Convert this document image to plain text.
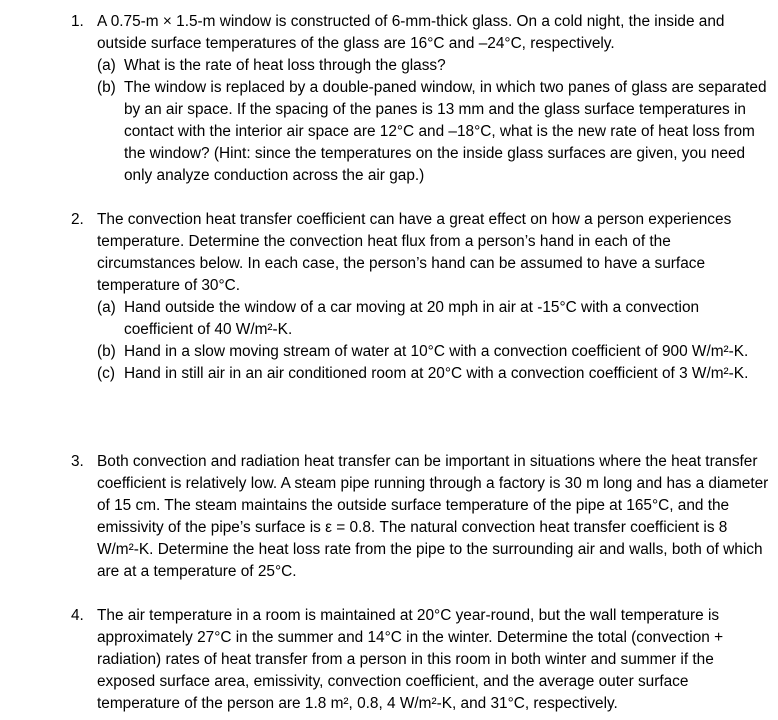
1. A 0.75-m × 1.5-m window is constructed of 6-mm-thick glass. On a cold night, the inside and outside surface temperatures of the glass are 16°C and –24°C, respectively.
(a) What is the rate of heat loss through the glass?
(b) The window is replaced by a double-paned window, in which two panes of glass are separated by an air space. If the spacing of the panes is 13 mm and the glass surface temperatures in contact with the interior air space are 12°C and –18°C, what is the new rate of heat loss from the window? (Hint: since the temperatures on the inside glass surfaces are given, you need only analyze conduction across the air gap.)
2. The convection heat transfer coefficient can have a great effect on how a person experiences temperature. Determine the convection heat flux from a person’s hand in each of the circumstances below. In each case, the person’s hand can be assumed to have a surface temperature of 30°C.
(a) Hand outside the window of a car moving at 20 mph in air at -15°C with a convection coefficient of 40 W/m²-K.
(b) Hand in a slow moving stream of water at 10°C with a convection coefficient of 900 W/m²-K.
(c) Hand in still air in an air conditioned room at 20°C with a convection coefficient of 3 W/m²-K.
3. Both convection and radiation heat transfer can be important in situations where the heat transfer coefficient is relatively low. A steam pipe running through a factory is 30 m long and has a diameter of 15 cm. The steam maintains the outside surface temperature of the pipe at 165°C, and the emissivity of the pipe’s surface is ε = 0.8. The natural convection heat transfer coefficient is 8 W/m²-K. Determine the heat loss rate from the pipe to the surrounding air and walls, both of which are at a temperature of 25°C.
4. The air temperature in a room is maintained at 20°C year-round, but the wall temperature is approximately 27°C in the summer and 14°C in the winter. Determine the total (convection + radiation) rates of heat transfer from a person in this room in both winter and summer if the exposed surface area, emissivity, convection coefficient, and the average outer surface temperature of the person are 1.8 m², 0.8, 4 W/m²-K, and 31°C, respectively.
